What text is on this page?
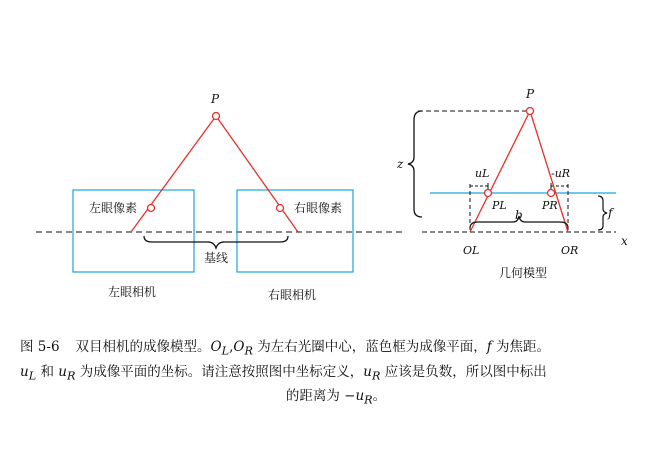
P
左眼像素	右眼像素
基线
左眼相机	右眼相机
P
z
uL	-uR
PL	PR
b	f
x
OL	OR
几何模型

图 5-6 双目相机的成像模型。$O_L,O_R$ 为左右光圈中心，蓝色框为成像平面，f 为焦距。

$u_L$ 和 $u_R$ 为成像平面的坐标。请注意按照图中坐标定义，$u_R$ 应该是负数，所以图中标出

的距离为 $-u_R$。
